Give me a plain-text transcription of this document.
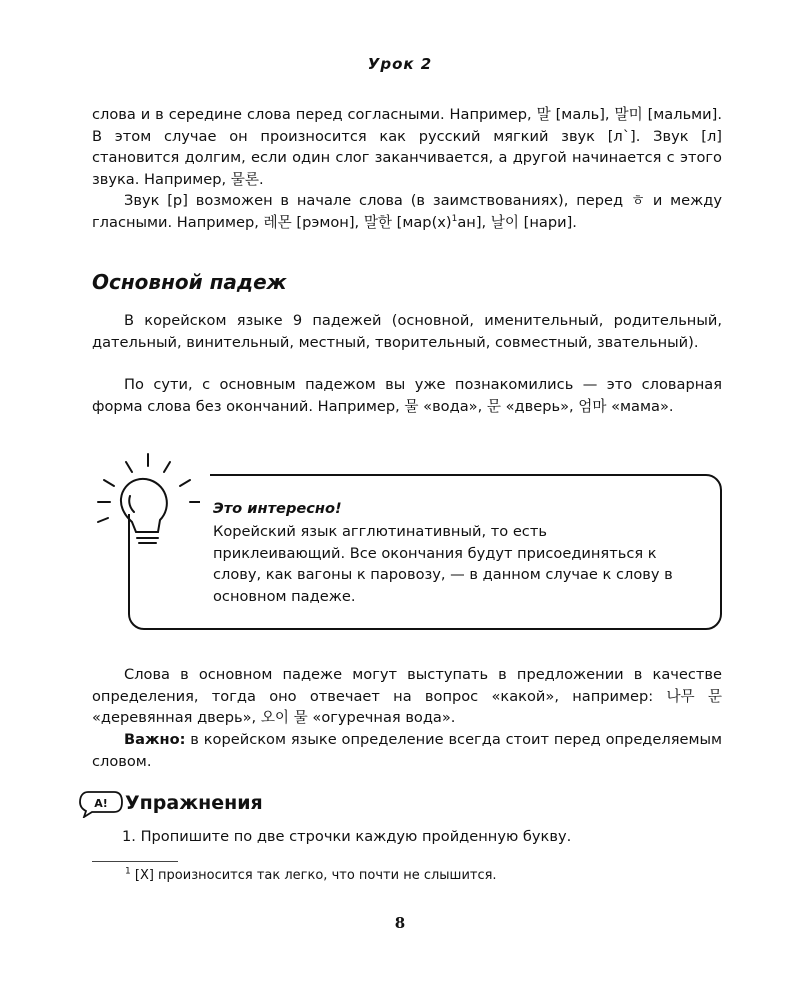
Урок 2

слова и в середине слова перед согласными. Например, 말 [маль], 말미 [мальми]. В этом случае он произносится как русский мягкий звук [л`]. Звук [л] становится долгим, если один слог заканчивается, а другой начинается с этого звука. Например, 물론.

Звук [р] возможен в начале слова (в заимствованиях), перед ㅎ и между гласными. Например, 레몬 [рэмон], 말한 $[мар(х)^1ан]$, 날이 [нари].

Основной падеж

В корейском языке 9 падежей (основной, именительный, родительный, дательный, винительный, местный, творительный, совместный, звательный).

По сути, с основным падежом вы уже познакомились — это словарная форма слова без окончаний. Например, 물 «вода», 문 «дверь», 엄마 «мама».

Это интересно!

Корейский язык агглютинативный, то есть приклеивающий. Все окончания будут присоединяться к слову, как вагоны к паровозу, — в данном случае к слову в основном падеже.

Слова в основном падеже могут выступать в предложении в качестве определения, тогда оно отвечает на вопрос «какой», например: 나무 문 «деревянная дверь», 오이 물 «огуречная вода».

Важно: в корейском языке определение всегда стоит перед определяемым словом.

A! Упражнения
1. Пропишите по две строчки каждую пройденную букву.
$^1$ [Х] произносится так легко, что почти не слышится.
8
